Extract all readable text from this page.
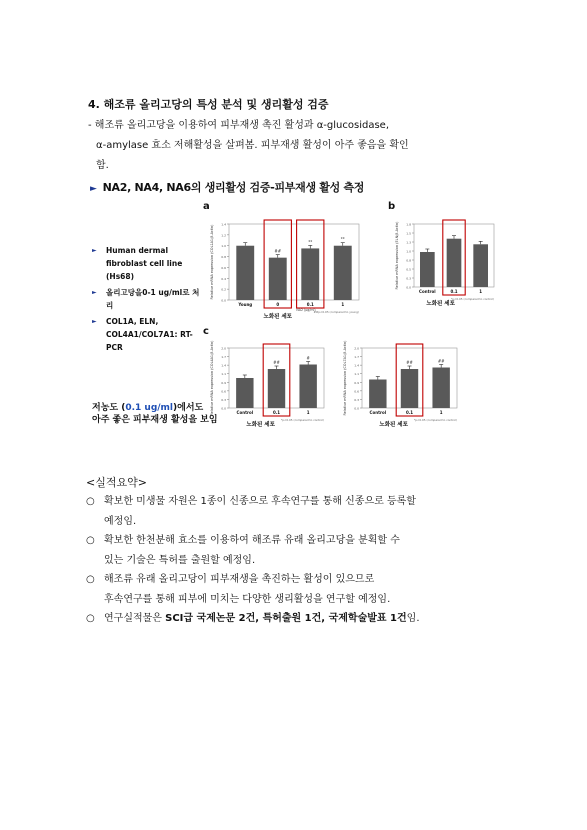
4. 해조류 올리고당의 특성 분석 및 생리활성 검증
- 해조류 올리고당을 이용하여 피부재생 촉진 활성과 α-glucosidase,
α-amylase 효소 저해활성을 살펴봄. 피부재생 활성이 아주 좋음을 확인
함.
► NA2, NA4, NA6의 생리활성 검증-피부재생 활성 측정
► Human dermal fibroblast cell line (Hs68)
► 올리고당을0-1 ug/ml로 처리
► COL1A, ELN, COL4A1/COL7A1: RT-PCR
저농도 (0.1 ug/ml)에서도
아주 좋은 피부재생 활성을 보임
a	b
c
0.0
0.2
0.4
0.6
0.8
1.0
1.2
1.4
Relative mRNA expression (COL1A1/β-Actin)
Young
##
0
**
0.1
**
1
노화된 세포
##p<0.05 (compared to young)
NA2 (μg/ml)
0.0
0.3
0.5
0.8
1.0
1.3
1.5
1.8
Relative mRNA expression (ELN/β-Actin)
Control	0.1	1
노화된 세포
*p<0.05 (compared to control)
0.0
0.3
0.6
0.9
1.1
1.4
1.7
2.0
Relative mRNA expression (COL4A1/β-Actin)	Control
##
0.1
#
1
노화된 세포
*p<0.05 (compared to control)
0.0
0.3
0.6
0.9
1.1
1.4
1.7
2.0
Relative mRNA expression (COL7A1/β-Actin)	Control
##
0.1
##
1
노화된 세포
*p<0.05 (compared to control)
<실적요약>
○ 확보한 미생물 자원은 1종이 신종으로 후속연구를 통해 신종으로 등록할
예정임.
○ 확보한 한천분해 효소를 이용하여 해조류 유래 올리고당을 분획할 수
있는 기술은 특허를 출원할 예정임.
○ 해조류 유래 올리고당이 피부재생을 촉진하는 활성이 있으므로
후속연구를 통해 피부에 미치는 다양한 생리활성을 연구할 예정임.
○ 연구실적물은 SCI급 국제논문 2건, 특허출원 1건, 국제학술발표 1건임.
